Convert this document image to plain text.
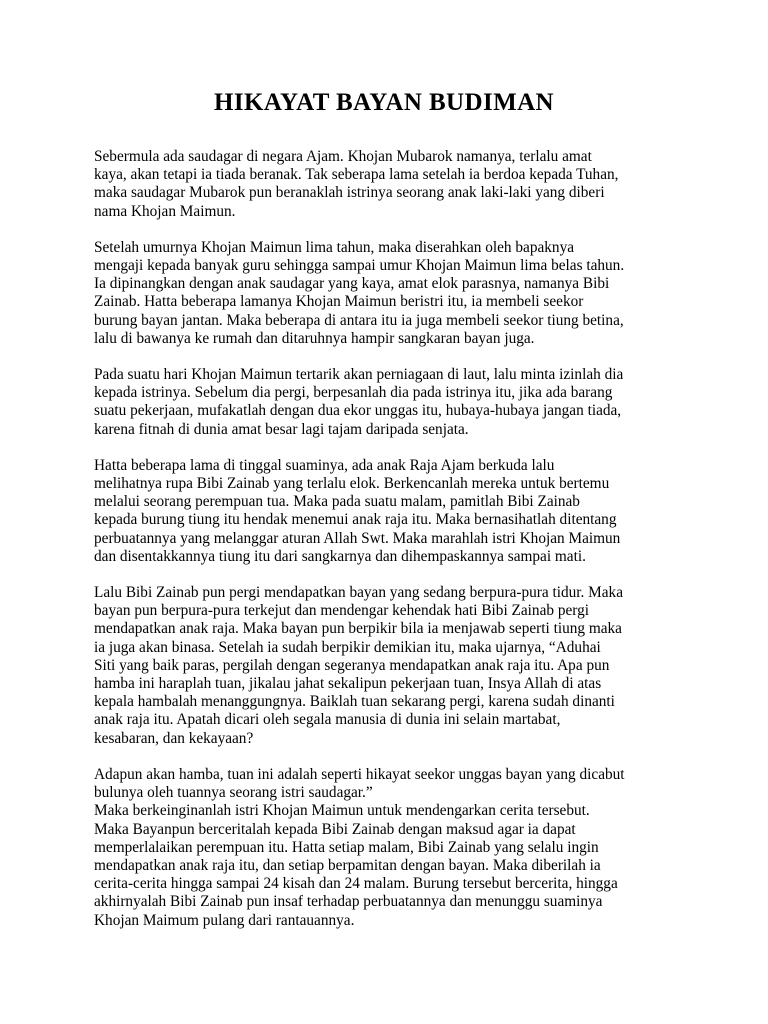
HIKAYAT BAYAN BUDIMAN
Sebermula ada saudagar di negara Ajam. Khojan Mubarok namanya, terlalu amat
kaya, akan tetapi ia tiada beranak. Tak seberapa lama setelah ia berdoa kepada Tuhan,
maka saudagar Mubarok pun beranaklah istrinya seorang anak laki-laki yang diberi
nama Khojan Maimun.
Setelah umurnya Khojan Maimun lima tahun, maka diserahkan oleh bapaknya
mengaji kepada banyak guru sehingga sampai umur Khojan Maimun lima belas tahun.
Ia dipinangkan dengan anak saudagar yang kaya, amat elok parasnya, namanya Bibi
Zainab. Hatta beberapa lamanya Khojan Maimun beristri itu, ia membeli seekor
burung bayan jantan. Maka beberapa di antara itu ia juga membeli seekor tiung betina,
lalu di bawanya ke rumah dan ditaruhnya hampir sangkaran bayan juga.
Pada suatu hari Khojan Maimun tertarik akan perniagaan di laut, lalu minta izinlah dia
kepada istrinya. Sebelum dia pergi, berpesanlah dia pada istrinya itu, jika ada barang
suatu pekerjaan, mufakatlah dengan dua ekor unggas itu, hubaya-hubaya jangan tiada,
karena fitnah di dunia amat besar lagi tajam daripada senjata.
Hatta beberapa lama di tinggal suaminya, ada anak Raja Ajam berkuda lalu
melihatnya rupa Bibi Zainab yang terlalu elok. Berkencanlah mereka untuk bertemu
melalui seorang perempuan tua. Maka pada suatu malam, pamitlah Bibi Zainab
kepada burung tiung itu hendak menemui anak raja itu. Maka bernasihatlah ditentang
perbuatannya yang melanggar aturan Allah Swt. Maka marahlah istri Khojan Maimun
dan disentakkannya tiung itu dari sangkarnya dan dihempaskannya sampai mati.
Lalu Bibi Zainab pun pergi mendapatkan bayan yang sedang berpura-pura tidur. Maka
bayan pun berpura-pura terkejut dan mendengar kehendak hati Bibi Zainab pergi
mendapatkan anak raja. Maka bayan pun berpikir bila ia menjawab seperti tiung maka
ia juga akan binasa. Setelah ia sudah berpikir demikian itu, maka ujarnya, “Aduhai
Siti yang baik paras, pergilah dengan segeranya mendapatkan anak raja itu. Apa pun
hamba ini haraplah tuan, jikalau jahat sekalipun pekerjaan tuan, Insya Allah di atas
kepala hambalah menanggungnya. Baiklah tuan sekarang pergi, karena sudah dinanti
anak raja itu. Apatah dicari oleh segala manusia di dunia ini selain martabat,
kesabaran, dan kekayaan?
Adapun akan hamba, tuan ini adalah seperti hikayat seekor unggas bayan yang dicabut
bulunya oleh tuannya seorang istri saudagar.”
Maka berkeinginanlah istri Khojan Maimun untuk mendengarkan cerita tersebut.
Maka Bayanpun berceritalah kepada Bibi Zainab dengan maksud agar ia dapat
memperlalaikan perempuan itu. Hatta setiap malam, Bibi Zainab yang selalu ingin
mendapatkan anak raja itu, dan setiap berpamitan dengan bayan. Maka diberilah ia
cerita-cerita hingga sampai 24 kisah dan 24 malam. Burung tersebut bercerita, hingga
akhirnyalah Bibi Zainab pun insaf terhadap perbuatannya dan menunggu suaminya
Khojan Maimum pulang dari rantauannya.
